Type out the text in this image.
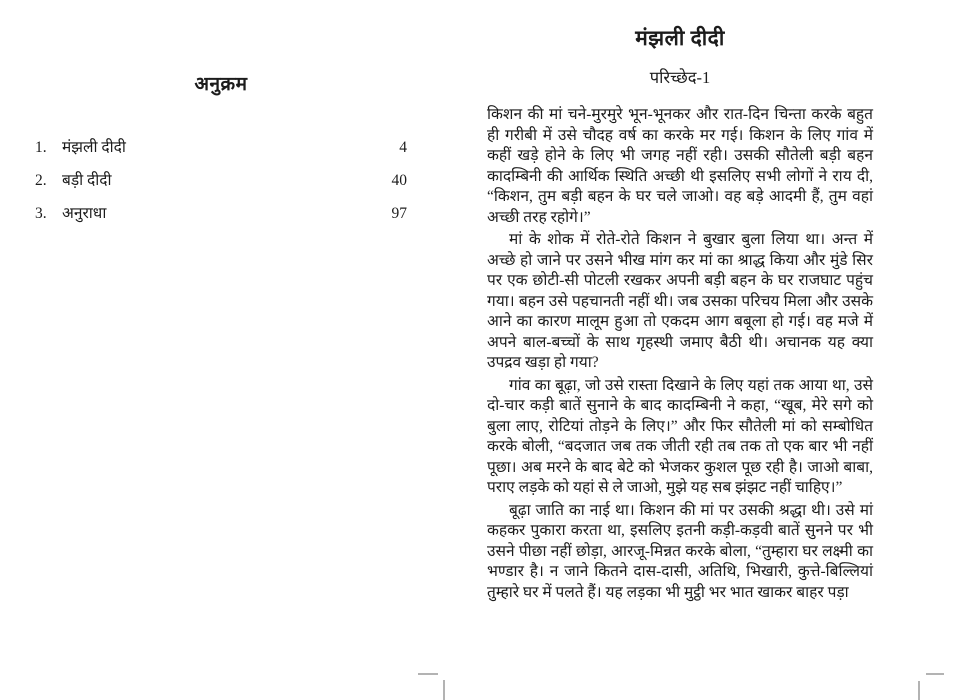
अनुक्रम
1. मंझली दीदी	4
2. बड़ी दीदी	40
3. अनुराधा	97
मंझली दीदी
परिच्छेद-1

किशन की मां चने-मुरमुरे भून-भूनकर और रात-दिन चिन्ता करके बहुत ही गरीबी में उसे चौदह वर्ष का करके मर गई। किशन के लिए गांव में कहीं खड़े होने के लिए भी जगह नहीं रही। उसकी सौतेली बड़ी बहन कादम्बिनी की आर्थिक स्थिति अच्छी थी इसलिए सभी लोगों ने राय दी, “किशन, तुम बड़ी बहन के घर चले जाओ। वह बड़े आदमी हैं, तुम वहां अच्छी तरह रहोगे।”

मां के शोक में रोते-रोते किशन ने बुखार बुला लिया था। अन्त में अच्छे हो जाने पर उसने भीख मांग कर मां का श्राद्ध किया और मुंडे सिर पर एक छोटी-सी पोटली रखकर अपनी बड़ी बहन के घर राजघाट पहुंच गया। बहन उसे पहचानती नहीं थी। जब उसका परिचय मिला और उसके आने का कारण मालूम हुआ तो एकदम आग बबूला हो गई। वह मजे में अपने बाल-बच्चों के साथ गृहस्थी जमाए बैठी थी। अचानक यह क्या उपद्रव खड़ा हो गया?

गांव का बूढ़ा, जो उसे रास्ता दिखाने के लिए यहां तक आया था, उसे दो-चार कड़ी बातें सुनाने के बाद कादम्बिनी ने कहा, “खूब, मेरे सगे को बुला लाए, रोटियां तोड़ने के लिए।” और फिर सौतेली मां को सम्बोधित करके बोली, “बदजात जब तक जीती रही तब तक तो एक बार भी नहीं पूछा। अब मरने के बाद बेटे को भेजकर कुशल पूछ रही है। जाओ बाबा, पराए लड़के को यहां से ले जाओ, मुझे यह सब झंझट नहीं चाहिए।”

बूढ़ा जाति का नाई था। किशन की मां पर उसकी श्रद्धा थी। उसे मां कहकर पुकारा करता था, इसलिए इतनी कड़ी-कड़वी बातें सुनने पर भी उसने पीछा नहीं छोड़ा, आरजू-मिन्नत करके बोला, “तुम्हारा घर लक्ष्मी का भण्डार है। न जाने कितने दास-दासी, अतिथि, भिखारी, कुत्ते-बिल्लियां तुम्हारे घर में पलते हैं। यह लड़का भी मुट्ठी भर भात खाकर बाहर पड़ा
